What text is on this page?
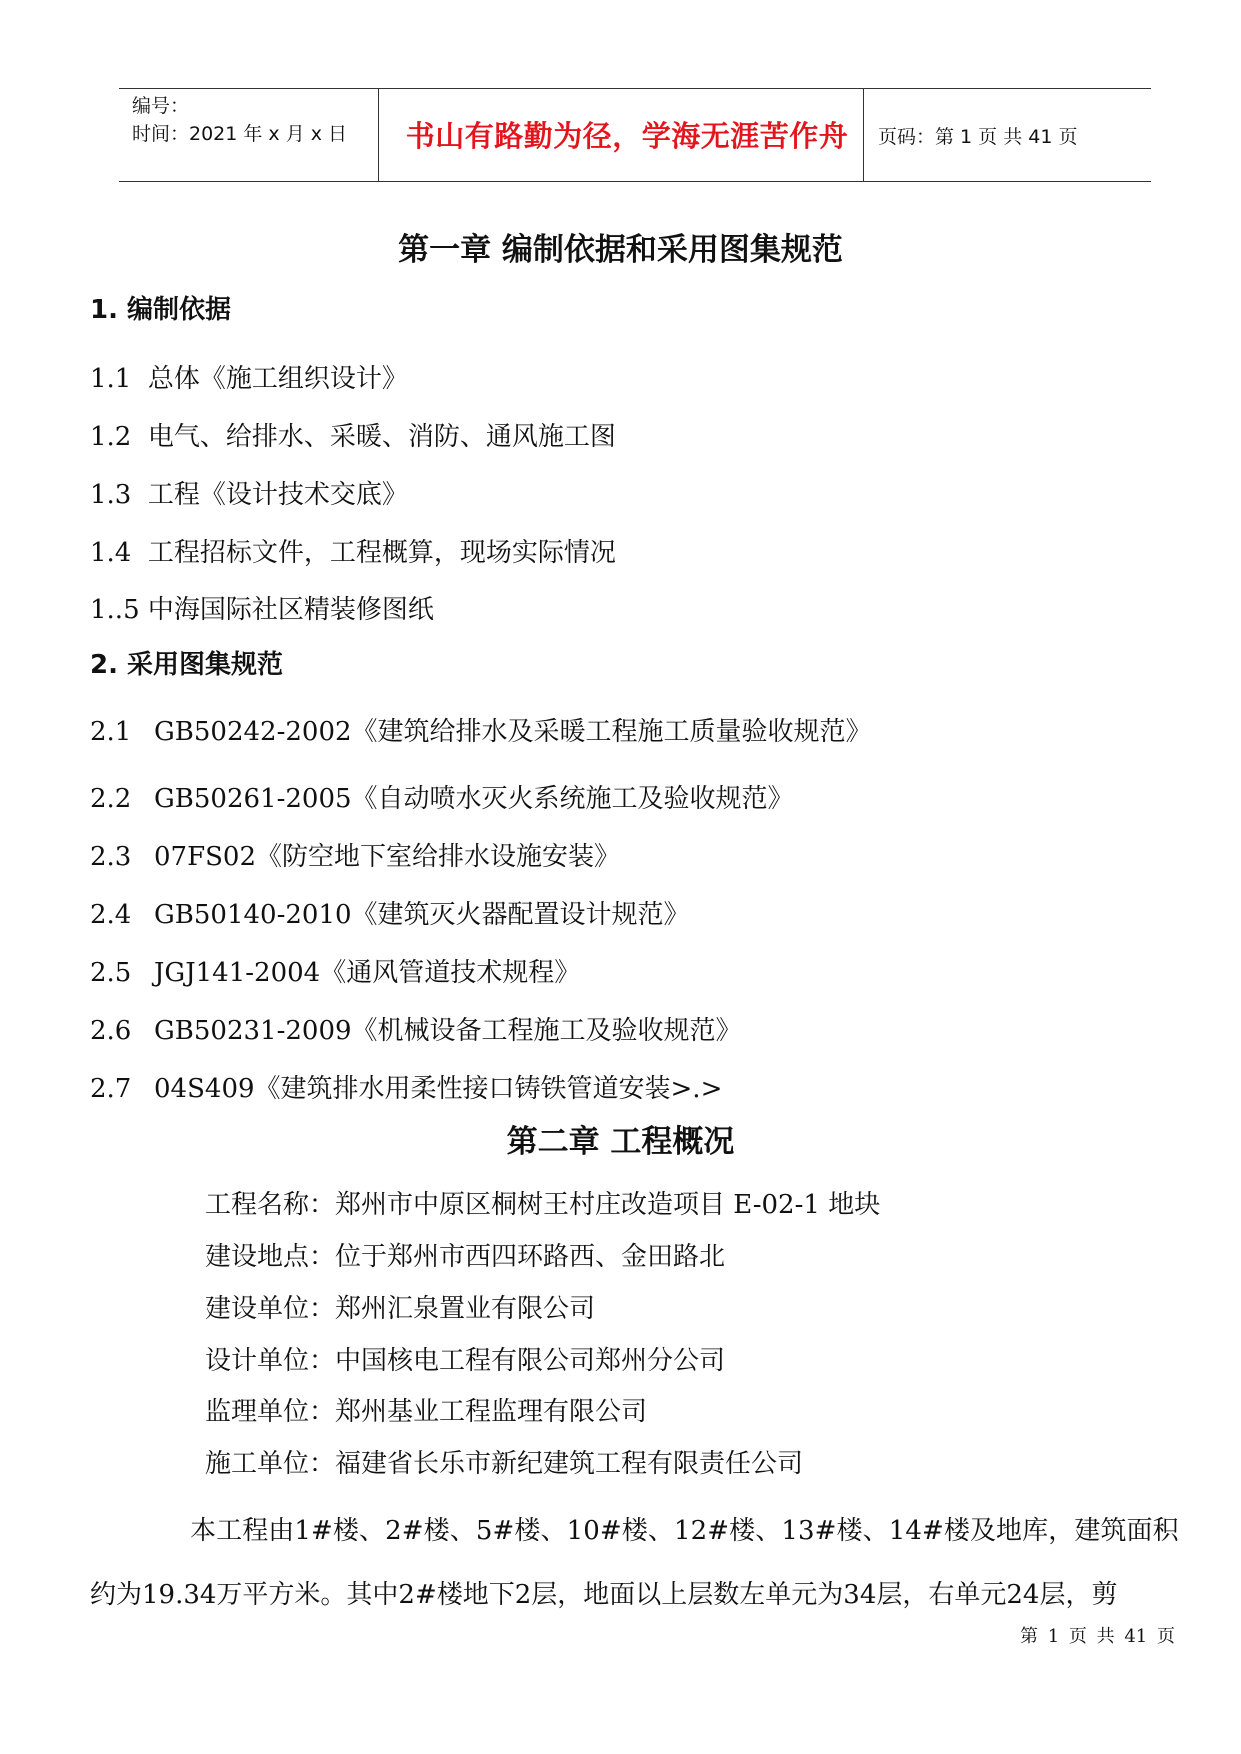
编号：
时间：2021 年 x 月 x 日	书山有路勤为径，学海无涯苦作舟	页码：第 1 页 共 41 页
第一章 编制依据和采用图集规范
1. 编制依据
1.1 总体《施工组织设计》
1.2 电气、给排水、采暖、消防、通风施工图
1.3 工程《设计技术交底》
1.4 工程招标文件，工程概算，现场实际情况
1..5 中海国际社区精装修图纸
2. 采用图集规范
2.1 GB50242-2002《建筑给排水及采暖工程施工质量验收规范》
2.2 GB50261-2005《自动喷水灭火系统施工及验收规范》
2.3 07FS02《防空地下室给排水设施安装》
2.4 GB50140-2010《建筑灭火器配置设计规范》
2.5 JGJ141-2004《通风管道技术规程》
2.6 GB50231-2009《机械设备工程施工及验收规范》
2.7 04S409《建筑排水用柔性接口铸铁管道安装>.>
第二章 工程概况
工程名称：郑州市中原区桐树王村庄改造项目 E-02-1 地块
建设地点：位于郑州市西四环路西、金田路北
建设单位：郑州汇泉置业有限公司
设计单位：中国核电工程有限公司郑州分公司
监理单位：郑州基业工程监理有限公司
施工单位：福建省长乐市新纪建筑工程有限责任公司
本工程由1#楼、2#楼、5#楼、10#楼、12#楼、13#楼、14#楼及地库，建筑面积
约为19.34万平方米。其中2#楼地下2层，地面以上层数左单元为34层，右单元24层，剪
第 1 页 共 41 页
